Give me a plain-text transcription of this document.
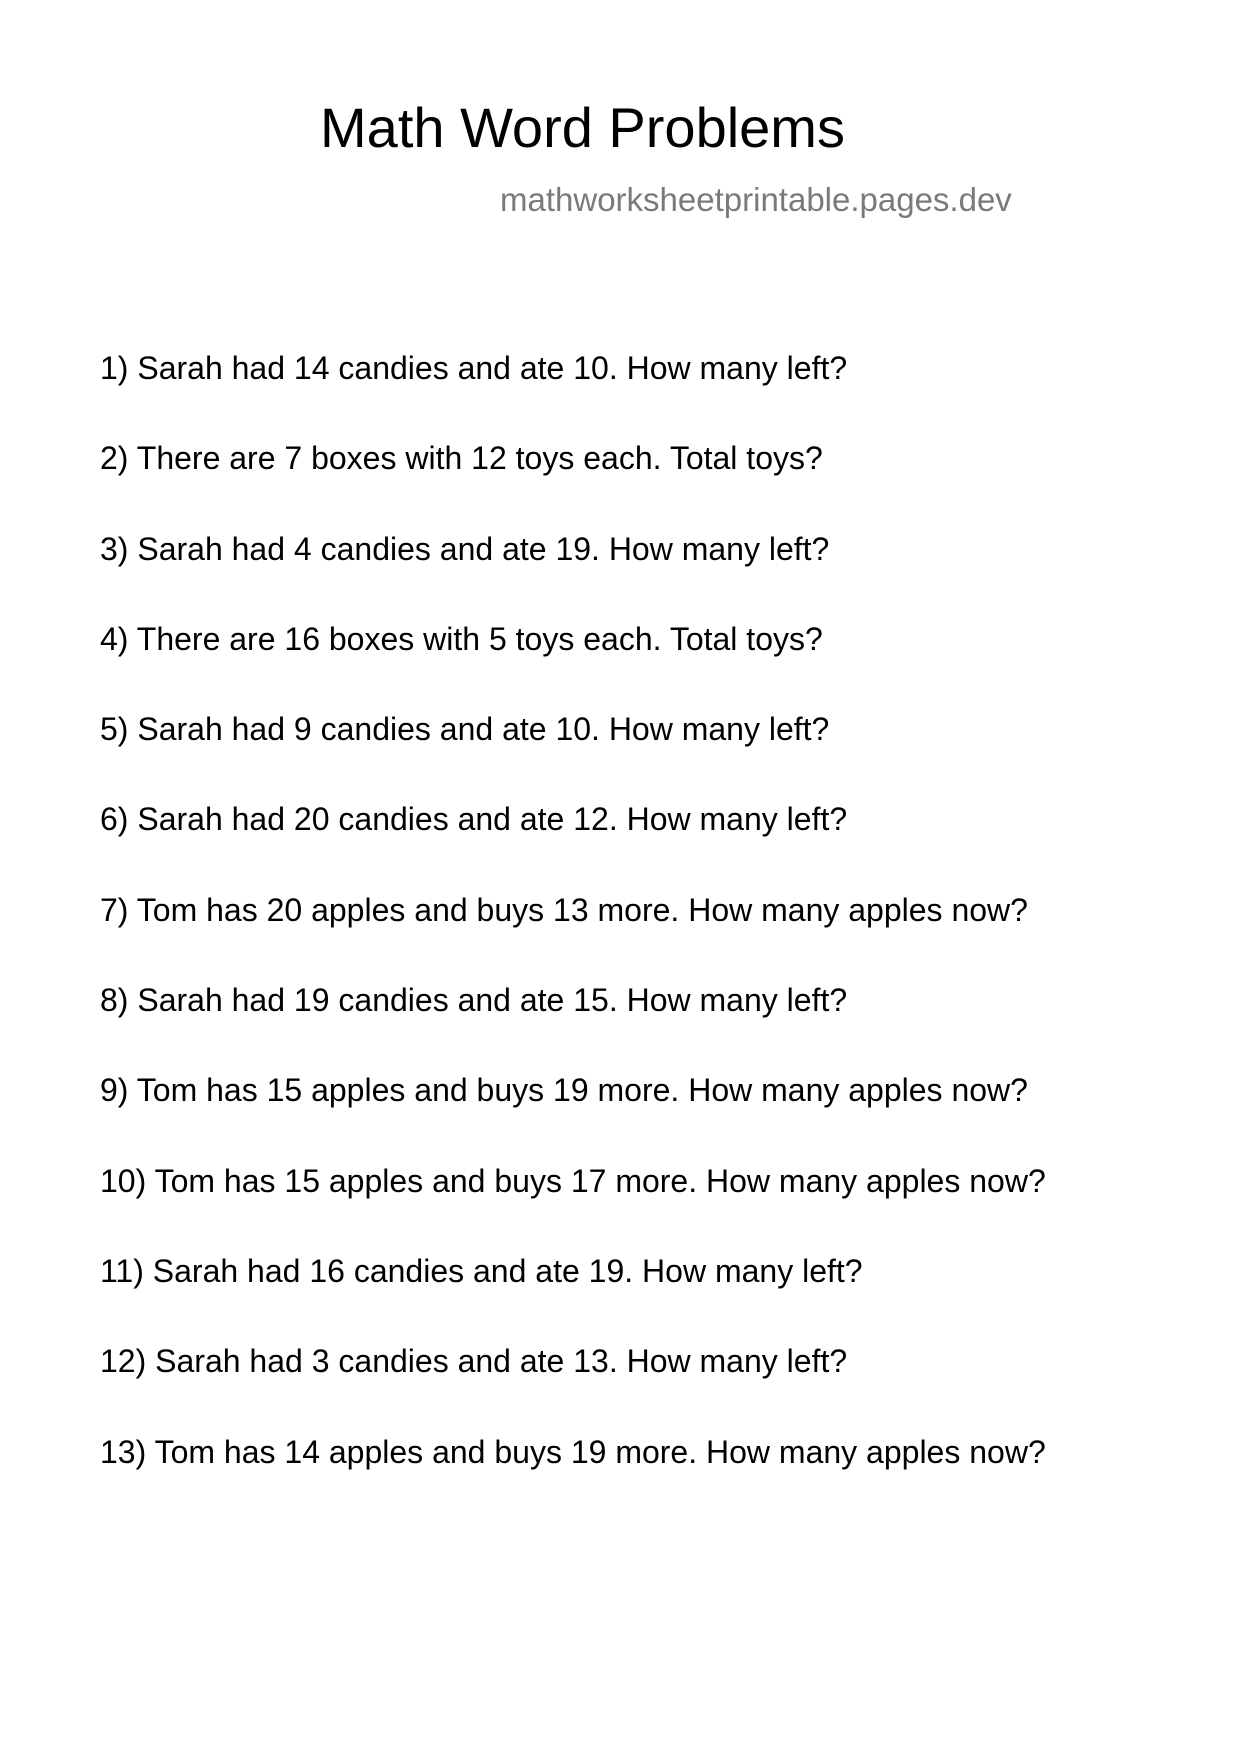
Math Word Problems
mathworksheetprintable.pages.dev
1) Sarah had 14 candies and ate 10. How many left?
2) There are 7 boxes with 12 toys each. Total toys?
3) Sarah had 4 candies and ate 19. How many left?
4) There are 16 boxes with 5 toys each. Total toys?
5) Sarah had 9 candies and ate 10. How many left?
6) Sarah had 20 candies and ate 12. How many left?
7) Tom has 20 apples and buys 13 more. How many apples now?
8) Sarah had 19 candies and ate 15. How many left?
9) Tom has 15 apples and buys 19 more. How many apples now?
10) Tom has 15 apples and buys 17 more. How many apples now?
11) Sarah had 16 candies and ate 19. How many left?
12) Sarah had 3 candies and ate 13. How many left?
13) Tom has 14 apples and buys 19 more. How many apples now?
